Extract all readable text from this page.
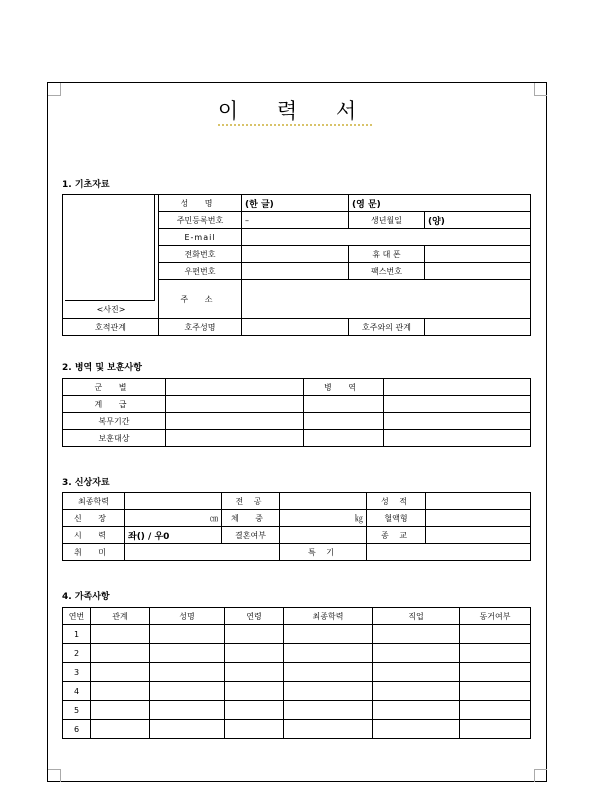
이 력 서
1. 기초자료
<사진>	성 명	(한 글)	(영 문)	
	주민등록번호	–	생년월일	(양)
	E-mail			
	전화번호		휴 대 폰	
	우편번호		팩스번호	
	주 소			

호적관계	호주성명		호주와의 관계	
2. 병역 및 보훈사항
군 별		병 역	
계 급			
복무기간			
보훈대상			
3. 신상자료
최종학력		전 공		성 적	
신 장	㎝	체 중	㎏	혈액형	
시 력	좌() / 우0	결혼여부		종 교	
취 미			특 기		
4. 가족사항
연번	관계	성명	연령	최종학력	직업	동거여부
1						
2						
3						
4						
5						
6						
